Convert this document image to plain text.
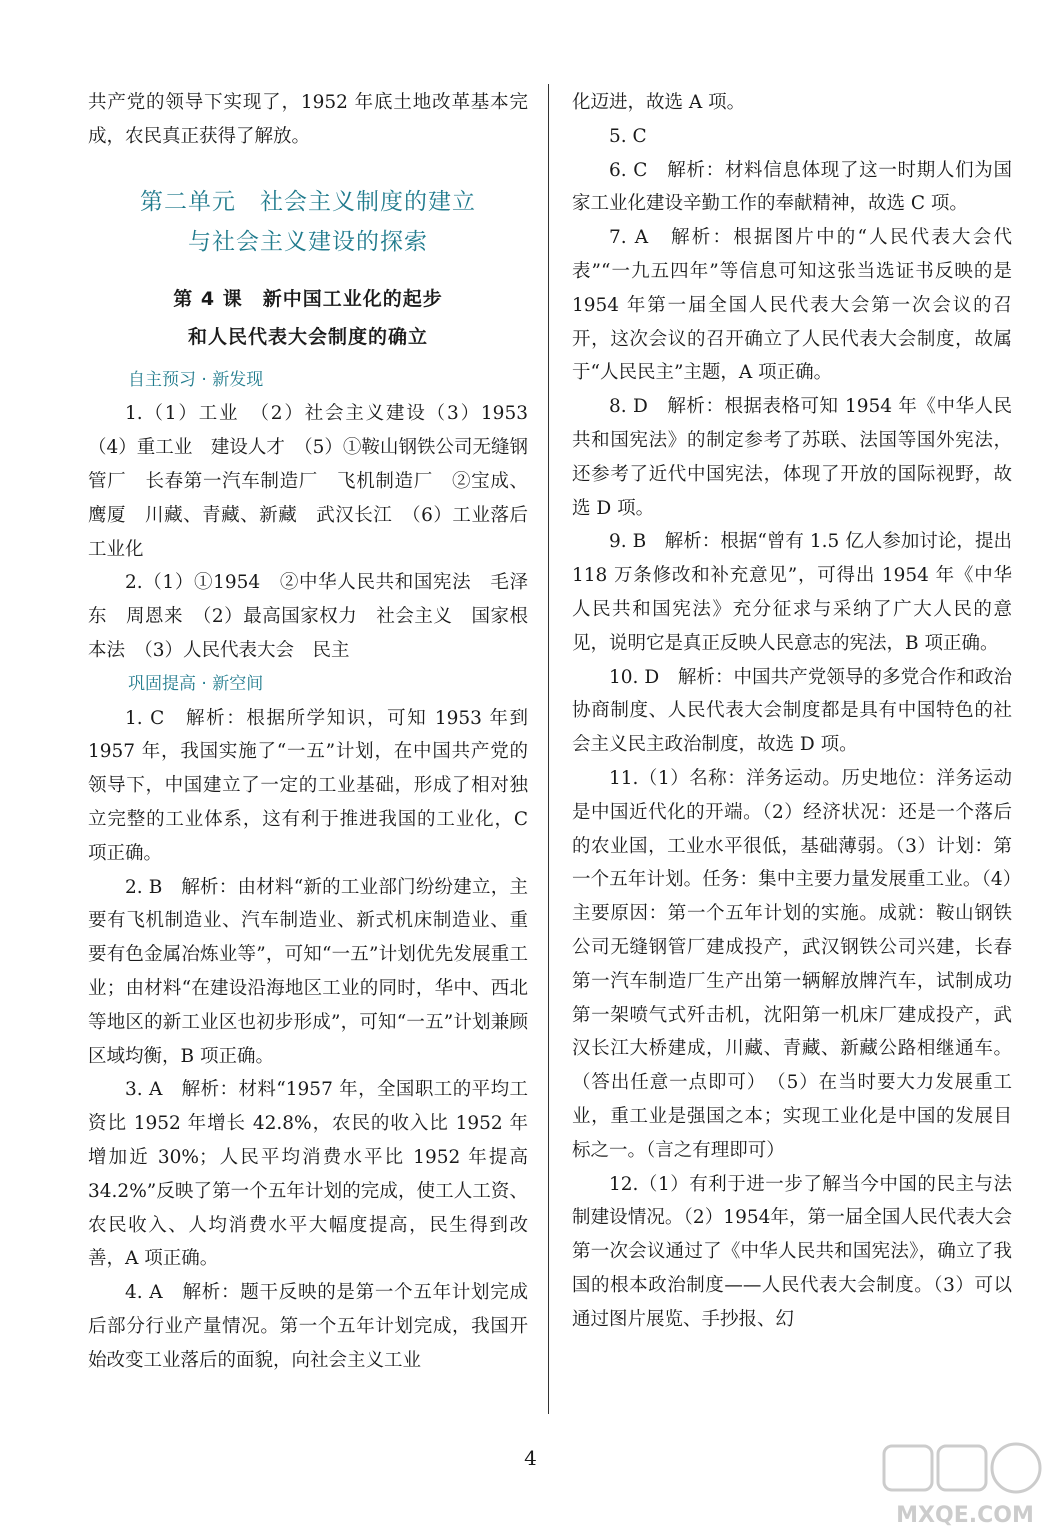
共产党的领导下实现了，1952 年底土地改革基本完成，农民真正获得了解放。

第二单元　社会主义制度的建立
与社会主义建设的探索
第 4 课　新中国工业化的起步
和人民代表大会制度的确立
自主预习 · 新发现

1.（1）工业　（2）社会主义建设（3）1953　（4）重工业　建设人才　（5）①鞍山钢铁公司无缝钢管厂　长春第一汽车制造厂　飞机制造厂　②宝成、鹰厦　川藏、青藏、新藏　武汉长江　（6）工业落后　工业化

2.（1）①1954　②中华人民共和国宪法　毛泽东　周恩来　（2）最高国家权力　社会主义　国家根本法　（3）人民代表大会　民主

巩固提高 · 新空间

1. C　解析：根据所学知识，可知 1953 年到 1957 年，我国实施了“一五”计划，在中国共产党的领导下，中国建立了一定的工业基础，形成了相对独立完整的工业体系，这有利于推进我国的工业化，C 项正确。

2. B　解析：由材料“新的工业部门纷纷建立，主要有飞机制造业、汽车制造业、新式机床制造业、重要有色金属冶炼业等”，可知“一五”计划优先发展重工业；由材料“在建设沿海地区工业的同时，华中、西北等地区的新工业区也初步形成”，可知“一五”计划兼顾区域均衡，B 项正确。

3. A　解析：材料“1957 年，全国职工的平均工资比 1952 年增长 42.8%，农民的收入比 1952 年增加近 30%；人民平均消费水平比 1952 年提高 34.2%”反映了第一个五年计划的完成，使工人工资、农民收入、人均消费水平大幅度提高，民生得到改善，A 项正确。

4. A　解析：题干反映的是第一个五年计划完成后部分行业产量情况。第一个五年计划完成，我国开始改变工业落后的面貌，向社会主义工业

化迈进，故选 A 项。

5. C

6. C　解析：材料信息体现了这一时期人们为国家工业化建设辛勤工作的奉献精神，故选 C 项。

7. A　解析：根据图片中的“人民代表大会代表”“一九五四年”等信息可知这张当选证书反映的是 1954 年第一届全国人民代表大会第一次会议的召开，这次会议的召开确立了人民代表大会制度，故属于“人民民主”主题，A 项正确。

8. D　解析：根据表格可知 1954 年《中华人民共和国宪法》的制定参考了苏联、法国等国外宪法，还参考了近代中国宪法，体现了开放的国际视野，故选 D 项。

9. B　解析：根据“曾有 1.5 亿人参加讨论，提出 118 万条修改和补充意见”，可得出 1954 年《中华人民共和国宪法》充分征求与采纳了广大人民的意见，说明它是真正反映人民意志的宪法，B 项正确。

10. D　解析：中国共产党领导的多党合作和政治协商制度、人民代表大会制度都是具有中国特色的社会主义民主政治制度，故选 D 项。

11.（1）名称：洋务运动。历史地位：洋务运动是中国近代化的开端。（2）经济状况：还是一个落后的农业国，工业水平很低，基础薄弱。（3）计划：第一个五年计划。任务：集中主要力量发展重工业。（4）主要原因：第一个五年计划的实施。成就：鞍山钢铁公司无缝钢管厂建成投产，武汉钢铁公司兴建，长春第一汽车制造厂生产出第一辆解放牌汽车，试制成功第一架喷气式歼击机，沈阳第一机床厂建成投产，武汉长江大桥建成，川藏、青藏、新藏公路相继通车。（答出任意一点即可）　（5）在当时要大力发展重工业，重工业是强国之本；实现工业化是中国的发展目标之一。（言之有理即可）

12.（1）有利于进一步了解当今中国的民主与法制建设情况。（2）1954年，第一届全国人民代表大会第一次会议通过了《中华人民共和国宪法》，确立了我国的根本政治制度——人民代表大会制度。（3）可以通过图片展览、手抄报、幻

4
MXQE.COM
